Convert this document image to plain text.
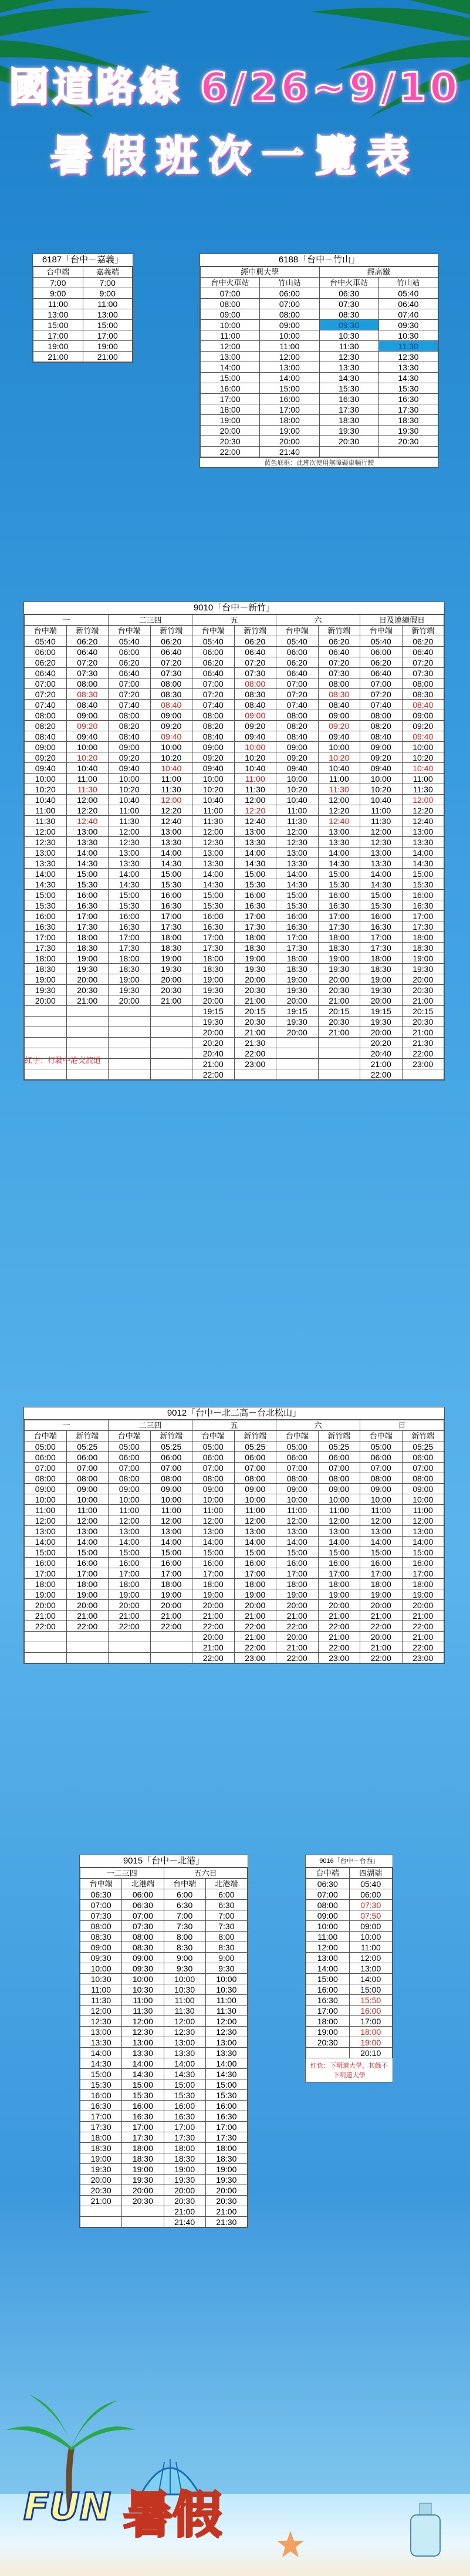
國道路線 6/26~9/10
暑假班次一覽表
6187「台中－嘉義」
台中端	嘉義端
7:00	7:00
9:00	9:00
11:00	11:00
13:00	13:00
15:00	15:00
17:00	17:00
19:00	19:00
21:00	21:00
6188「台中－竹山」
經中興大學		經高鐵	
台中火車站	竹山站	台中火車站	竹山站
07:00	06:00	06:30	05:40
08:00	07:00	07:30	06:40
09:00	08:00	08:30	07:40
10:00	09:00	09:30	09:30
11:00	10:00	10:30	10:30
12:00	11:00	11:30	11:30
13:00	12:00	12:30	12:30
14:00	13:00	13:30	13:30
15:00	14:00	14:30	14:30
16:00	15:00	15:30	15:30
17:00	16:00	16:30	16:30
18:00	17:00	17:30	17:30
19:00	18:00	18:30	18:30
20:00	19:00	19:30	19:30
20:30	20:00	20:30	20:30
22:00	21:40		
藍色底框：此班次使用無障礙車輛行駛
9010「台中－新竹」
一		二三四		五		六		日及連續假日	
台中端	新竹端	台中端	新竹端	台中端	新竹端	台中端	新竹端	台中端	新竹端
05:40	06:20	05:40	06:20	05:40	06:20	05:40	06:20	05:40	06:20
06:00	06:40	06:00	06:40	06:00	06:40	06:00	06:40	06:00	06:40
06:20	07:20	06:20	07:20	06:20	07:20	06:20	07:20	06:20	07:20
06:40	07:30	06:40	07:30	06:40	07:30	06:40	07:30	06:40	07:30
07:00	08:00	07:00	08:00	07:00	08:00	07:00	08:00	07:00	08:00
07:20	08:30	07:20	08:30	07:20	08:30	07:20	08:30	07:20	08:30
07:40	08:40	07:40	08:40	07:40	08:40	07:40	08:40	07:40	08:40
08:00	09:00	08:00	09:00	08:00	09:00	08:00	09:00	08:00	09:00
08:20	09:20	08:20	09:20	08:20	09:20	08:20	09:20	08:20	09:20
08:40	09:40	08:40	09:40	08:40	09:40	08:40	09:40	08:40	09:40
09:00	10:00	09:00	10:00	09:00	10:00	09:00	10:00	09:00	10:00
09:20	10:20	09:20	10:20	09:20	10:20	09:20	10:20	09:20	10:20
09:40	10:40	09:40	10:40	09:40	10:40	09:40	10:40	09:40	10:40
10:00	11:00	10:00	11:00	10:00	11:00	10:00	11:00	10:00	11:00
10:20	11:30	10:20	11:30	10:20	11:30	10:20	11:30	10:20	11:30
10:40	12:00	10:40	12:00	10:40	12:00	10:40	12:00	10:40	12:00
11:00	12:20	11:00	12:20	11:00	12:20	11:00	12:20	11:00	12:20
11:30	12:40	11:30	12:40	11:30	12:40	11:30	12:40	11:30	12:40
12:00	13:00	12:00	13:00	12:00	13:00	12:00	13:00	12:00	13:00
12:30	13:30	12:30	13:30	12:30	13:30	12:30	13:30	12:30	13:30
13:00	14:00	13:00	14:00	13:00	14:00	13:00	14:00	13:00	14:00
13:30	14:30	13:30	14:30	13:30	14:30	13:30	14:30	13:30	14:30
14:00	15:00	14:00	15:00	14:00	15:00	14:00	15:00	14:00	15:00
14:30	15:30	14:30	15:30	14:30	15:30	14:30	15:30	14:30	15:30
15:00	16:00	15:00	16:00	15:00	16:00	15:00	16:00	15:00	16:00
15:30	16:30	15:30	16:30	15:30	16:30	15:30	16:30	15:30	16:30
16:00	17:00	16:00	17:00	16:00	17:00	16:00	17:00	16:00	17:00
16:30	17:30	16:30	17:30	16:30	17:30	16:30	17:30	16:30	17:30
17:00	18:00	17:00	18:00	17:00	18:00	17:00	18:00	17:00	18:00
17:30	18:30	17:30	18:30	17:30	18:30	17:30	18:30	17:30	18:30
18:00	19:00	18:00	19:00	18:00	19:00	18:00	19:00	18:00	19:00
18:30	19:30	18:30	19:30	18:30	19:30	18:30	19:30	18:30	19:30
19:00	20:00	19:00	20:00	19:00	20:00	19:00	20:00	19:00	20:00
19:30	20:30	19:30	20:30	19:30	20:30	19:30	20:30	19:30	20:30
20:00	21:00	20:00	21:00	20:00	21:00	20:00	21:00	20:00	21:00
				19:15	20:15	19:15	20:15	19:15	20:15
				19:30	20:30	19:30	20:30	19:30	20:30
				20:00	21:00	20:00	21:00	20:00	21:00
				20:20	21:30			20:20	21:30
				20:40	22:00			20:40	22:00
				21:00	23:00			21:00	23:00
				22:00				22:00	
紅字：行駛中港交流道
9012「台中－北二高－台北松山」
一		二三四		五		六		日	
台中端	新竹端	台中端	新竹端	台中端	新竹端	台中端	新竹端	台中端	新竹端
05:00	05:25	05:00	05:25	05:00	05:25	05:00	05:25	05:00	05:25
06:00	06:00	06:00	06:00	06:00	06:00	06:00	06:00	06:00	06:00
07:00	07:00	07:00	07:00	07:00	07:00	07:00	07:00	07:00	07:00
08:00	08:00	08:00	08:00	08:00	08:00	08:00	08:00	08:00	08:00
09:00	09:00	09:00	09:00	09:00	09:00	09:00	09:00	09:00	09:00
10:00	10:00	10:00	10:00	10:00	10:00	10:00	10:00	10:00	10:00
11:00	11:00	11:00	11:00	11:00	11:00	11:00	11:00	11:00	11:00
12:00	12:00	12:00	12:00	12:00	12:00	12:00	12:00	12:00	12:00
13:00	13:00	13:00	13:00	13:00	13:00	13:00	13:00	13:00	13:00
14:00	14:00	14:00	14:00	14:00	14:00	14:00	14:00	14:00	14:00
15:00	15:00	15:00	15:00	15:00	15:00	15:00	15:00	15:00	15:00
16:00	16:00	16:00	16:00	16:00	16:00	16:00	16:00	16:00	16:00
17:00	17:00	17:00	17:00	17:00	17:00	17:00	17:00	17:00	17:00
18:00	18:00	18:00	18:00	18:00	18:00	18:00	18:00	18:00	18:00
19:00	19:00	19:00	19:00	19:00	19:00	19:00	19:00	19:00	19:00
20:00	20:00	20:00	20:00	20:00	20:00	20:00	20:00	20:00	20:00
21:00	21:00	21:00	21:00	21:00	21:00	21:00	21:00	21:00	21:00
22:00	22:00	22:00	22:00	22:00	22:00	22:00	22:00	22:00	22:00
				20:00	21:00	20:00	21:00	20:00	21:00
				21:00	22:00	21:00	22:00	21:00	22:00
				22:00	23:00	22:00	23:00	22:00	23:00
9015「台中－北港」
一二三四		五六日	
台中端	北港端	台中端	北港端
06:30	06:00	6:00	6:00
07:00	06:30	6:30	6:30
07:30	07:00	7:00	7:00
08:00	07:30	7:30	7:30
08:30	08:00	8:00	8:00
09:00	08:30	8:30	8:30
09:30	09:00	9:00	9:00
10:00	09:30	9:30	9:30
10:30	10:00	10:00	10:00
11:00	10:30	10:30	10:30
11:30	11:00	11:00	11:00
12:00	11:30	11:30	11:30
12:30	12:00	12:00	12:00
13:00	12:30	12:30	12:30
13:30	13:00	13:00	13:00
14:00	13:30	13:30	13:30
14:30	14:00	14:00	14:00
15:00	14:30	14:30	14:30
15:30	15:00	15:00	15:00
16:00	15:30	15:30	15:30
16:30	16:00	16:00	16:00
17:00	16:30	16:30	16:30
17:30	17:00	17:00	17:00
18:00	17:30	17:30	17:30
18:30	18:00	18:00	18:00
19:00	18:30	18:30	18:30
19:30	19:00	19:00	19:00
20:00	19:30	19:30	19:30
20:30	20:00	20:00	20:00
21:00	20:30	20:30	20:30
		21:00	21:00
		21:40	21:30
9016「台中－台西」
台中端	四湖端
06:30	05:40
07:00	06:00
08:00	07:30
09:00	07:50
10:00	09:00
11:00	10:00
12:00	11:00
13:00	12:00
14:00	13:00
15:00	14:00
16:00	15:00
16:30	15:50
17:00	16:00
18:00	17:00
19:00	18:00
20:30	19:00
	20:10
紅色：下明道大學，其餘不下明道大學
FUN 暑假
